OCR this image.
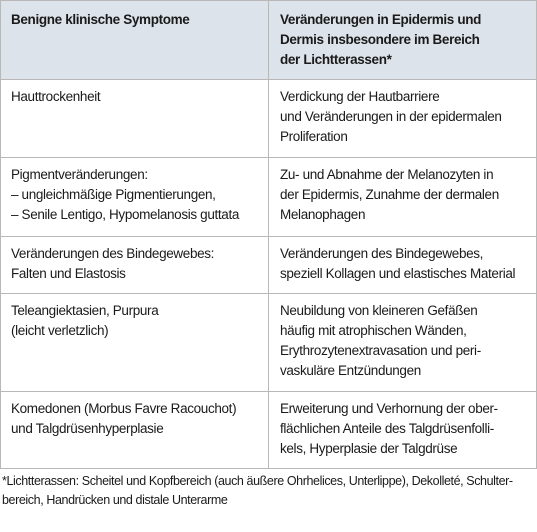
Benigne klinische Symptome	Veränderungen in Epidermis und
Dermis insbesondere im Bereich
der Lichtterassen*
Hauttrockenheit	Verdickung der Hautbarriere
und Veränderungen in der epidermalen
Proliferation
Pigmentveränderungen:
– ungleichmäßige Pigmentierungen,
– Senile Lentigo, Hypomelanosis guttata
Zu- und Abnahme der Melanozyten in
der Epidermis, Zunahme der dermalen
Melanophagen
Veränderungen des Bindegewebes:
Falten und Elastosis
Veränderungen des Bindegewebes,
speziell Kollagen und elastisches Material
Teleangiektasien, Purpura
(leicht verletzlich)
Neubildung von kleineren Gefäßen
häufig mit atrophischen Wänden,
Erythrozytenextravasation und peri-
vaskuläre Entzündungen
Komedonen (Morbus Favre Racouchot)
und Talgdrüsenhyperplasie
Erweiterung und Verhornung der ober-
flächlichen Anteile des Talgdrüsenfolli-
kels, Hyperplasie der Talgdrüse
*Lichtterassen: Scheitel und Kopfbereich (auch äußere Ohrhelices, Unterlippe), Dekolleté, Schulter-
bereich, Handrücken und distale Unterarme
